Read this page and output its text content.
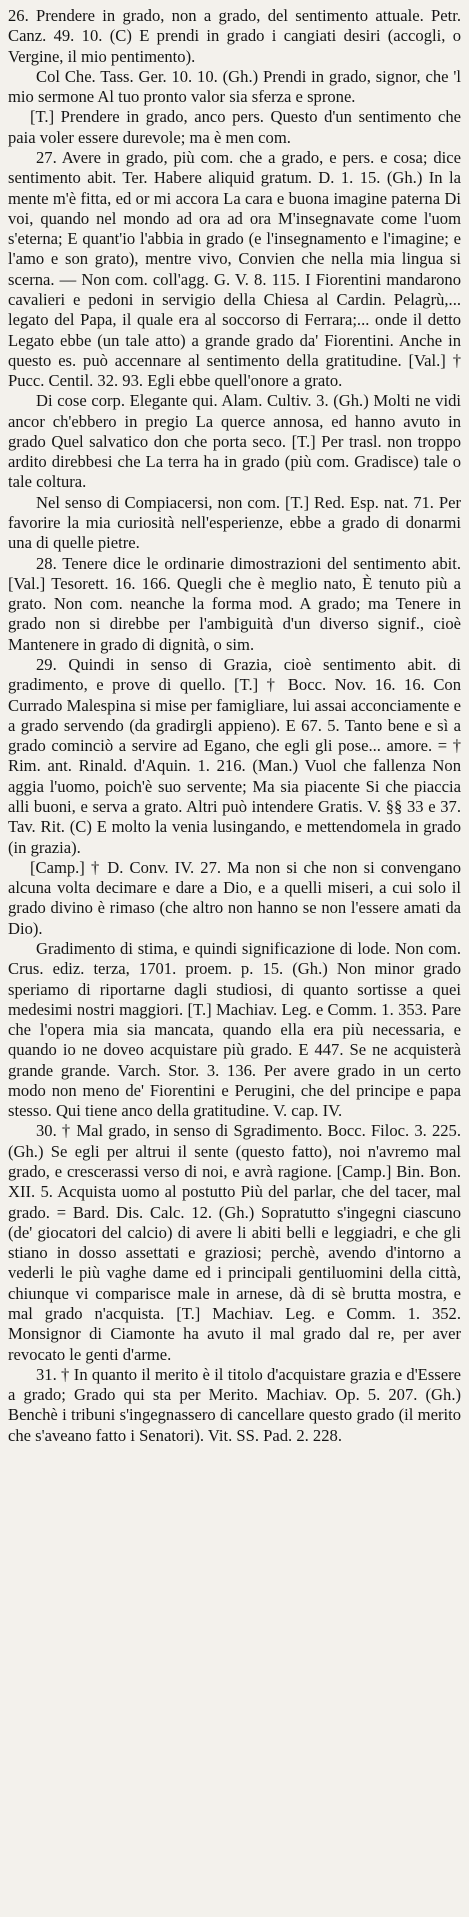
26. Prendere in grado, non a grado, del sentimento attuale. Petr. Canz. 49. 10. (C) E prendi in grado i cangiati desiri (accogli, o Vergine, il mio pentimento).

Col Che. Tass. Ger. 10. 10. (Gh.) Prendi in grado, signor, che 'l mio sermone Al tuo pronto valor sia sferza e sprone.

[T.] Prendere in grado, anco pers. Questo d'un sentimento che paia voler essere durevole; ma è men com.

27. Avere in grado, più com. che a grado, e pers. e cosa; dice sentimento abit. Ter. Habere aliquid gratum. D. 1. 15. (Gh.) In la mente m'è fitta, ed or mi accora La cara e buona imagine paterna Di voi, quando nel mondo ad ora ad ora M'insegnavate come l'uom s'eterna; E quant'io l'abbia in grado (e l'insegnamento e l'imagine; e l'amo e son grato), mentre vivo, Convien che nella mia lingua si scerna. — Non com. coll'agg. G. V. 8. 115. I Fiorentini mandarono cavalieri e pedoni in servigio della Chiesa al Cardin. Pelagrù,... legato del Papa, il quale era al soccorso di Ferrara;... onde il detto Legato ebbe (un tale atto) a grande grado da' Fiorentini. Anche in questo es. può accennare al sentimento della gratitudine. [Val.] † Pucc. Centil. 32. 93. Egli ebbe quell'onore a grato.

Di cose corp. Elegante qui. Alam. Cultiv. 3. (Gh.) Molti ne vidi ancor ch'ebbero in pregio La querce annosa, ed hanno avuto in grado Quel salvatico don che porta seco. [T.] Per trasl. non troppo ardito direbbesi che La terra ha in grado (più com. Gradisce) tale o tale coltura.

Nel senso di Compiacersi, non com. [T.] Red. Esp. nat. 71. Per favorire la mia curiosità nell'esperienze, ebbe a grado di donarmi una di quelle pietre.

28. Tenere dice le ordinarie dimostrazioni del sentimento abit. [Val.] Tesorett. 16. 166. Quegli che è meglio nato, È tenuto più a grato. Non com. neanche la forma mod. A grado; ma Tenere in grado non si direbbe per l'ambiguità d'un diverso signif., cioè Mantenere in grado di dignità, o sim.

29. Quindi in senso di Grazia, cioè sentimento abit. di gradimento, e prove di quello. [T.] † Bocc. Nov. 16. 16. Con Currado Malespina si mise per famigliare, lui assai acconciamente e a grado servendo (da gradirgli appieno). E 67. 5. Tanto bene e sì a grado cominciò a servire ad Egano, che egli gli pose... amore. = † Rim. ant. Rinald. d'Aquin. 1. 216. (Man.) Vuol che fallenza Non aggia l'uomo, poich'è suo servente; Ma sia piacente Si che piaccia alli buoni, e serva a grato. Altri può intendere Gratis. V. §§ 33 e 37. Tav. Rit. (C) E molto la venia lusingando, e mettendomela in grado (in grazia).

[Camp.] † D. Conv. IV. 27. Ma non si che non si convengano alcuna volta decimare e dare a Dio, e a quelli miseri, a cui solo il grado divino è rimaso (che altro non hanno se non l'essere amati da Dio).

Gradimento di stima, e quindi significazione di lode. Non com. Crus. ediz. terza, 1701. proem. p. 15. (Gh.) Non minor grado speriamo di riportarne dagli studiosi, di quanto sortisse a quei medesimi nostri maggiori. [T.] Machiav. Leg. e Comm. 1. 353. Pare che l'opera mia sia mancata, quando ella era più necessaria, e quando io ne doveo acquistare più grado. E 447. Se ne acquisterà grande grande. Varch. Stor. 3. 136. Per avere grado in un certo modo non meno de' Fiorentini e Perugini, che del principe e papa stesso. Qui tiene anco della gratitudine. V. cap. IV.

30. † Mal grado, in senso di Sgradimento. Bocc. Filoc. 3. 225. (Gh.) Se egli per altrui il sente (questo fatto), noi n'avremo mal grado, e crescerassi verso di noi, e avrà ragione. [Camp.] Bin. Bon. XII. 5. Acquista uomo al postutto Più del parlar, che del tacer, mal grado. = Bard. Dis. Calc. 12. (Gh.) Sopratutto s'ingegni ciascuno (de' giocatori del calcio) di avere li abiti belli e leggiadri, e che gli stiano in dosso assettati e graziosi; perchè, avendo d'intorno a vederli le più vaghe dame ed i principali gentiluomini della città, chiunque vi comparisce male in arnese, dà di sè brutta mostra, e mal grado n'acquista. [T.] Machiav. Leg. e Comm. 1. 352. Monsignor di Ciamonte ha avuto il mal grado dal re, per aver revocato le genti d'arme.

31. † In quanto il merito è il titolo d'acquistare grazia e d'Essere a grado; Grado qui sta per Merito. Machiav. Op. 5. 207. (Gh.) Benchè i tribuni s'ingegnassero di cancellare questo grado (il merito che s'aveano fatto i Senatori). Vit. SS. Pad. 2. 228.
